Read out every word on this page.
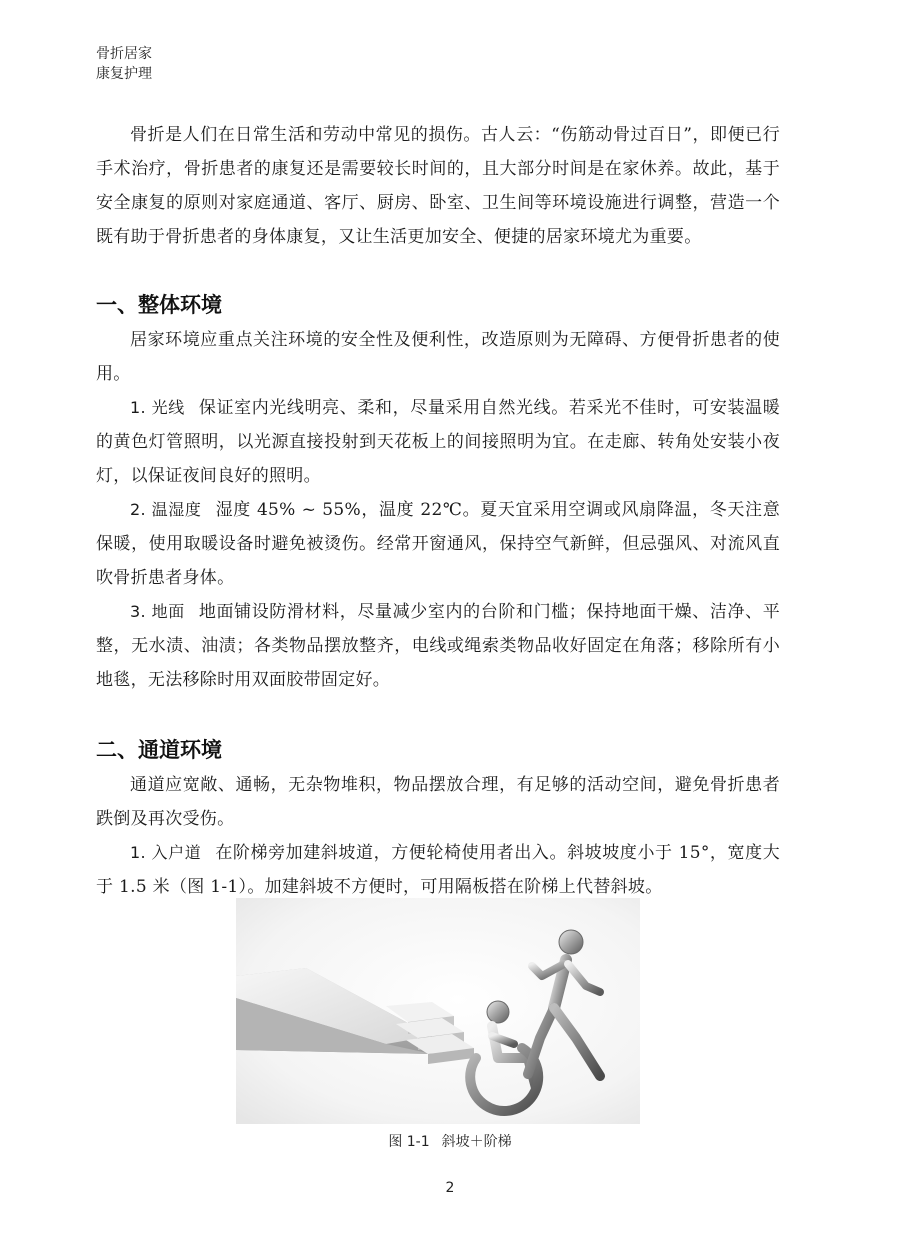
骨折居家
康复护理

骨折是人们在日常生活和劳动中常见的损伤。古人云：“伤筋动骨过百日”，即便已行手术治疗，骨折患者的康复还是需要较长时间的，且大部分时间是在家休养。故此，基于安全康复的原则对家庭通道、客厅、厨房、卧室、卫生间等环境设施进行调整，营造一个既有助于骨折患者的身体康复，又让生活更加安全、便捷的居家环境尤为重要。

一、整体环境

居家环境应重点关注环境的安全性及便利性，改造原则为无障碍、方便骨折患者的使用。

1. 光线 保证室内光线明亮、柔和，尽量采用自然光线。若采光不佳时，可安装温暖的黄色灯管照明，以光源直接投射到天花板上的间接照明为宜。在走廊、转角处安装小夜灯，以保证夜间良好的照明。

2. 温湿度 湿度 45% ~ 55%，温度 22℃。夏天宜采用空调或风扇降温，冬天注意保暖，使用取暖设备时避免被烫伤。经常开窗通风，保持空气新鲜，但忌强风、对流风直吹骨折患者身体。

3. 地面 地面铺设防滑材料，尽量减少室内的台阶和门槛；保持地面干燥、洁净、平整，无水渍、油渍；各类物品摆放整齐，电线或绳索类物品收好固定在角落；移除所有小地毯，无法移除时用双面胶带固定好。

二、通道环境

通道应宽敞、通畅，无杂物堆积，物品摆放合理，有足够的活动空间，避免骨折患者跌倒及再次受伤。

1. 入户道 在阶梯旁加建斜坡道，方便轮椅使用者出入。斜坡坡度小于 15°，宽度大于 1.5 米（图 1-1）。加建斜坡不方便时，可用隔板搭在阶梯上代替斜坡。

图 1-1 斜坡＋阶梯
2
